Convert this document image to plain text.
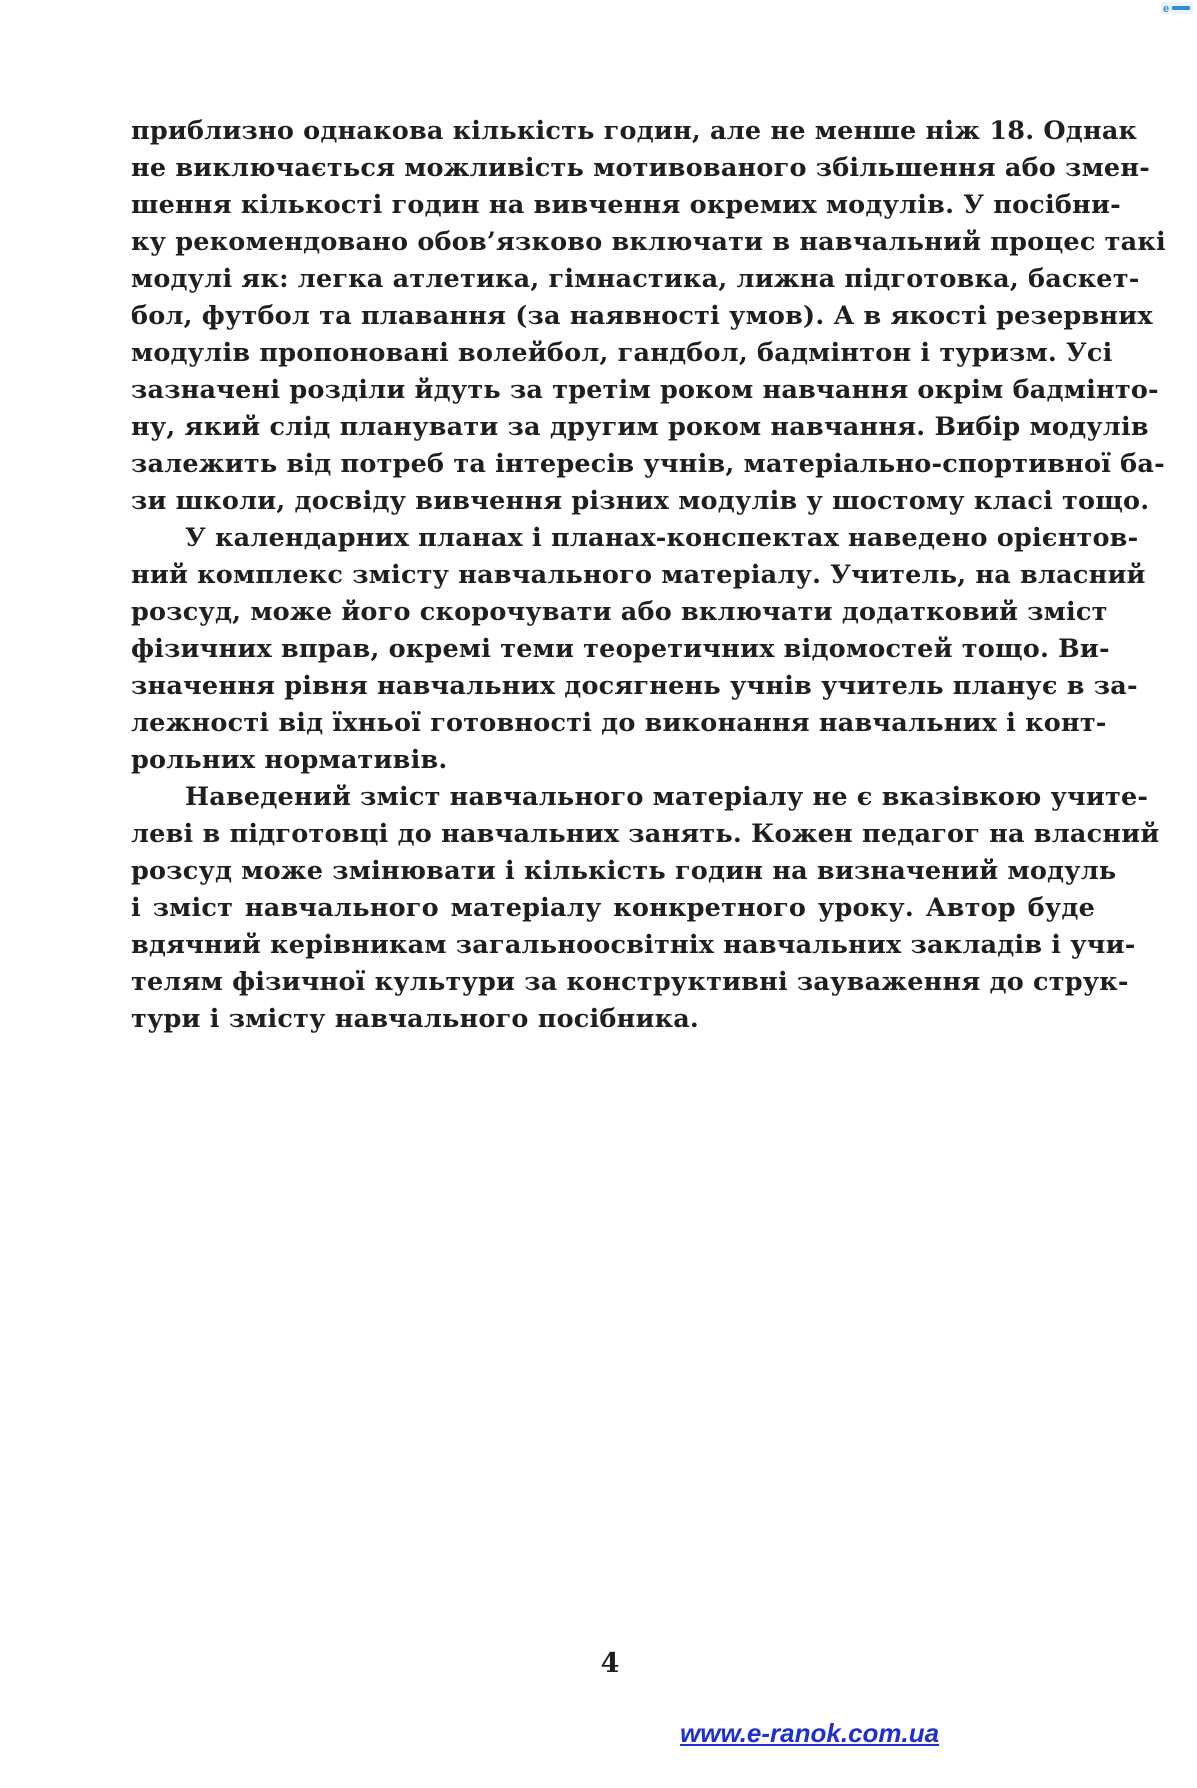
e
приблизно однакова кількість годин, але не менше ніж 18. Однак
не виключається можливість мотивованого збільшення або змен-
шення кількості годин на вивчення окремих модулів. У посібни-
ку рекомендовано обов’язково включати в навчальний процес такі
модулі як: легка атлетика, гімнастика, лижна підготовка, баскет-
бол, футбол та плавання (за наявності умов). А в якості резервних
модулів пропоновані волейбол, гандбол, бадмінтон і туризм. Усі
зазначені розділи йдуть за третім роком навчання окрім бадмінто-
ну, який слід планувати за другим роком навчання. Вибір модулів
залежить від потреб та інтересів учнів, матеріально-спортивної ба-
зи школи, досвіду вивчення різних модулів у шостому класі тощо.
У календарних планах і планах-конспектах наведено орієнтов-
ний комплекс змісту навчального матеріалу. Учитель, на власний
розсуд, може його скорочувати або включати додатковий зміст
фізичних вправ, окремі теми теоретичних відомостей тощо. Ви-
значення рівня навчальних досягнень учнів учитель планує в за-
лежності від їхньої готовності до виконання навчальних і конт-
рольних нормативів.
Наведений зміст навчального матеріалу не є вказівкою учите-
леві в підготовці до навчальних занять. Кожен педагог на власний
розсуд може змінювати і кількість годин на визначений модуль
і зміст навчального матеріалу конкретного уроку. Автор буде
вдячний керівникам загальноосвітніх навчальних закладів і учи-
телям фізичної культури за конструктивні зауваження до струк-
тури і змісту навчального посібника.
4
www.e-ranok.com.ua
